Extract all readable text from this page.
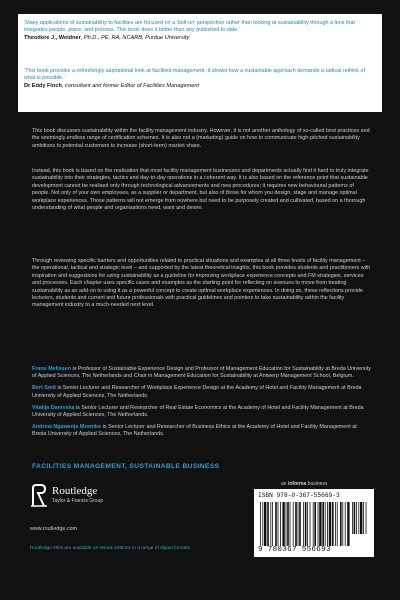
‘Many applications of sustainability to facilities are focused on a ‘bolt-on’ perspective rather than looking at sustainability through a lens that integrates people, place, and process. This book does it better than any published to date.’
Theodore J., Weidner, Ph.D., PE, RA, NCARB, Purdue University
‘This book provides a refreshingly aspirational look at facilities management. It shows how a sustainable approach demands a radical rethink of what is possible.’
Dr Eddy Finch, consultant and former Editor of Facilities Management
This book discusses sustainability within the facility management industry. However, it is not another anthology of so-called best practices and the seemingly endless range of certification schemes. It is also not a (marketing) guide on how to communicate high-pitched sustainability ambitions to potential customers to increase (short-term) market share.
Instead, this book is based on the realisation that most facility management businesses and departments actually find it hard to truly integrate sustainability into their strategies, tactics and day-to-day operations in a coherent way. It is also based on the reference point that sustainable development cannot be realised only through technological advancements and new procedures; it requires new behavioural patterns of people. Not only of your own employees, as a supplier or department, but also of those for whom you design, stage and manage optimal workplace experiences. Those patterns will not emerge from nowhere but need to be purposely created and cultivated, based on a thorough understanding of what people and organisations need, want and desire.
Through reviewing specific barriers and opportunities related to practical situations and examples at all three levels of facility management – the operational, tactical and strategic level – and supported by the latest theoretical insights, this book provides students and practitioners with inspiration and suggestions for using sustainability as a guideline for improving workplace experience concepts and FM strategies, services and processes. Each chapter uses specific cases and examples as the starting point for reflecting on avenues to move from treating sustainability as an add-on to using it as a powerful concept to create optimal workplace experiences. In doing so, these reflections provide lecturers, students and current and future professionals with practical guidelines and pointers to take sustainability within the facility management industry to a much-needed next level.
Frans Melissen is Professor of Sustainable Experience Design and Professor of Management Education for Sustainability at Breda University of Applied Sciences, The Netherlands and Chair in Management Education for Sustainability at Antwerp Management School, Belgium.
Bert Smit is Senior Lecturer and Researcher of Workplace Experience Design at the Academy of Hotel and Facility Management at Breda University of Applied Sciences, The Netherlands.
Vitalija Danivska is Senior Lecturer and Researcher of Real Estate Economics at the Academy of Hotel and Facility Management at Breda University of Applied Sciences, The Netherlands.
Andrew Ngawenja Mzembe is Senior Lecturer and Researcher of Business Ethics at the Academy of Hotel and Facility Management at Breda University of Applied Sciences, The Netherlands.
FACILITIES MANAGEMENT, SUSTAINABLE BUSINESS
Routledge
Taylor & Francis Group
www.routledge.com
Routledge titles are available as eBook editions in a range of digital formats
an informa business
ISBN 978-0-367-55669-3
9 780367 556693
